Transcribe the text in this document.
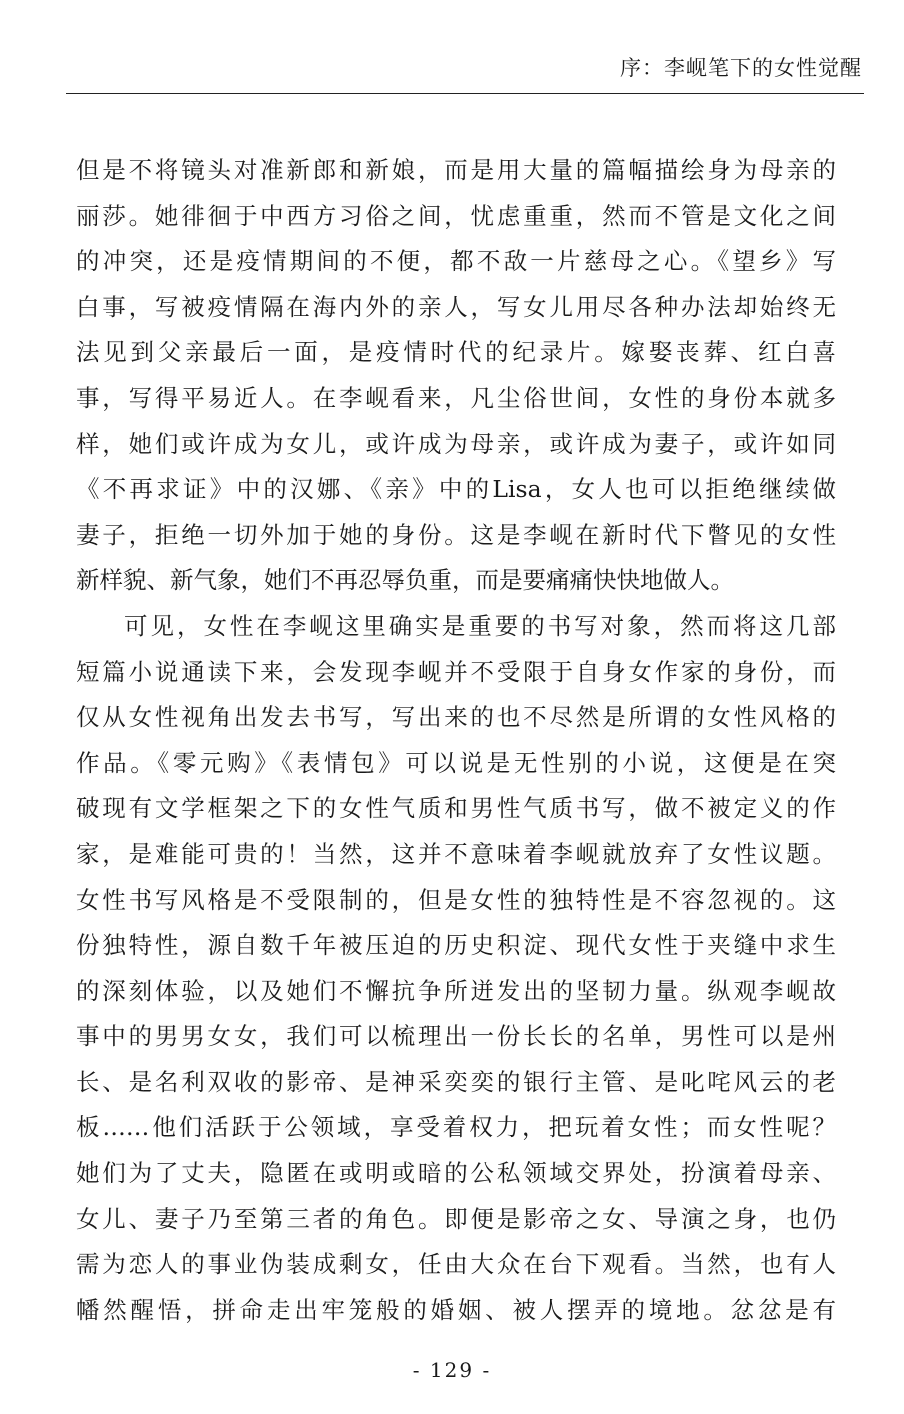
序：李岘笔下的女性觉醒
但是不将镜头对准新郎和新娘，而是用大量的篇幅描绘身为母亲的
丽莎。她徘徊于中西方习俗之间，忧虑重重，然而不管是文化之间
的冲突，还是疫情期间的不便，都不敌一片慈母之心。《望乡》写
白事，写被疫情隔在海内外的亲人，写女儿用尽各种办法却始终无
法见到父亲最后一面，是疫情时代的纪录片。嫁娶丧葬、红白喜
事，写得平易近人。在李岘看来，凡尘俗世间，女性的身份本就多
样，她们或许成为女儿，或许成为母亲，或许成为妻子，或许如同
《不再求证》中的汉娜、《亲》中的Lisa，女人也可以拒绝继续做
妻子，拒绝一切外加于她的身份。这是李岘在新时代下瞥见的女性
新样貌、新气象，她们不再忍辱负重，而是要痛痛快快地做人。
可见，女性在李岘这里确实是重要的书写对象，然而将这几部
短篇小说通读下来，会发现李岘并不受限于自身女作家的身份，而
仅从女性视角出发去书写，写出来的也不尽然是所谓的女性风格的
作品。《零元购》《表情包》可以说是无性别的小说，这便是在突
破现有文学框架之下的女性气质和男性气质书写，做不被定义的作
家，是难能可贵的！当然，这并不意味着李岘就放弃了女性议题。
女性书写风格是不受限制的，但是女性的独特性是不容忽视的。这
份独特性，源自数千年被压迫的历史积淀、现代女性于夹缝中求生
的深刻体验，以及她们不懈抗争所迸发出的坚韧力量。纵观李岘故
事中的男男女女，我们可以梳理出一份长长的名单，男性可以是州
长、是名利双收的影帝、是神采奕奕的银行主管、是叱咤风云的老
板……他们活跃于公领域，享受着权力，把玩着女性；而女性呢？
她们为了丈夫，隐匿在或明或暗的公私领域交界处，扮演着母亲、
女儿、妻子乃至第三者的角色。即便是影帝之女、导演之身，也仍
需为恋人的事业伪装成剩女，任由大众在台下观看。当然，也有人
幡然醒悟，拼命走出牢笼般的婚姻、被人摆弄的境地。忿忿是有
- 129 -
